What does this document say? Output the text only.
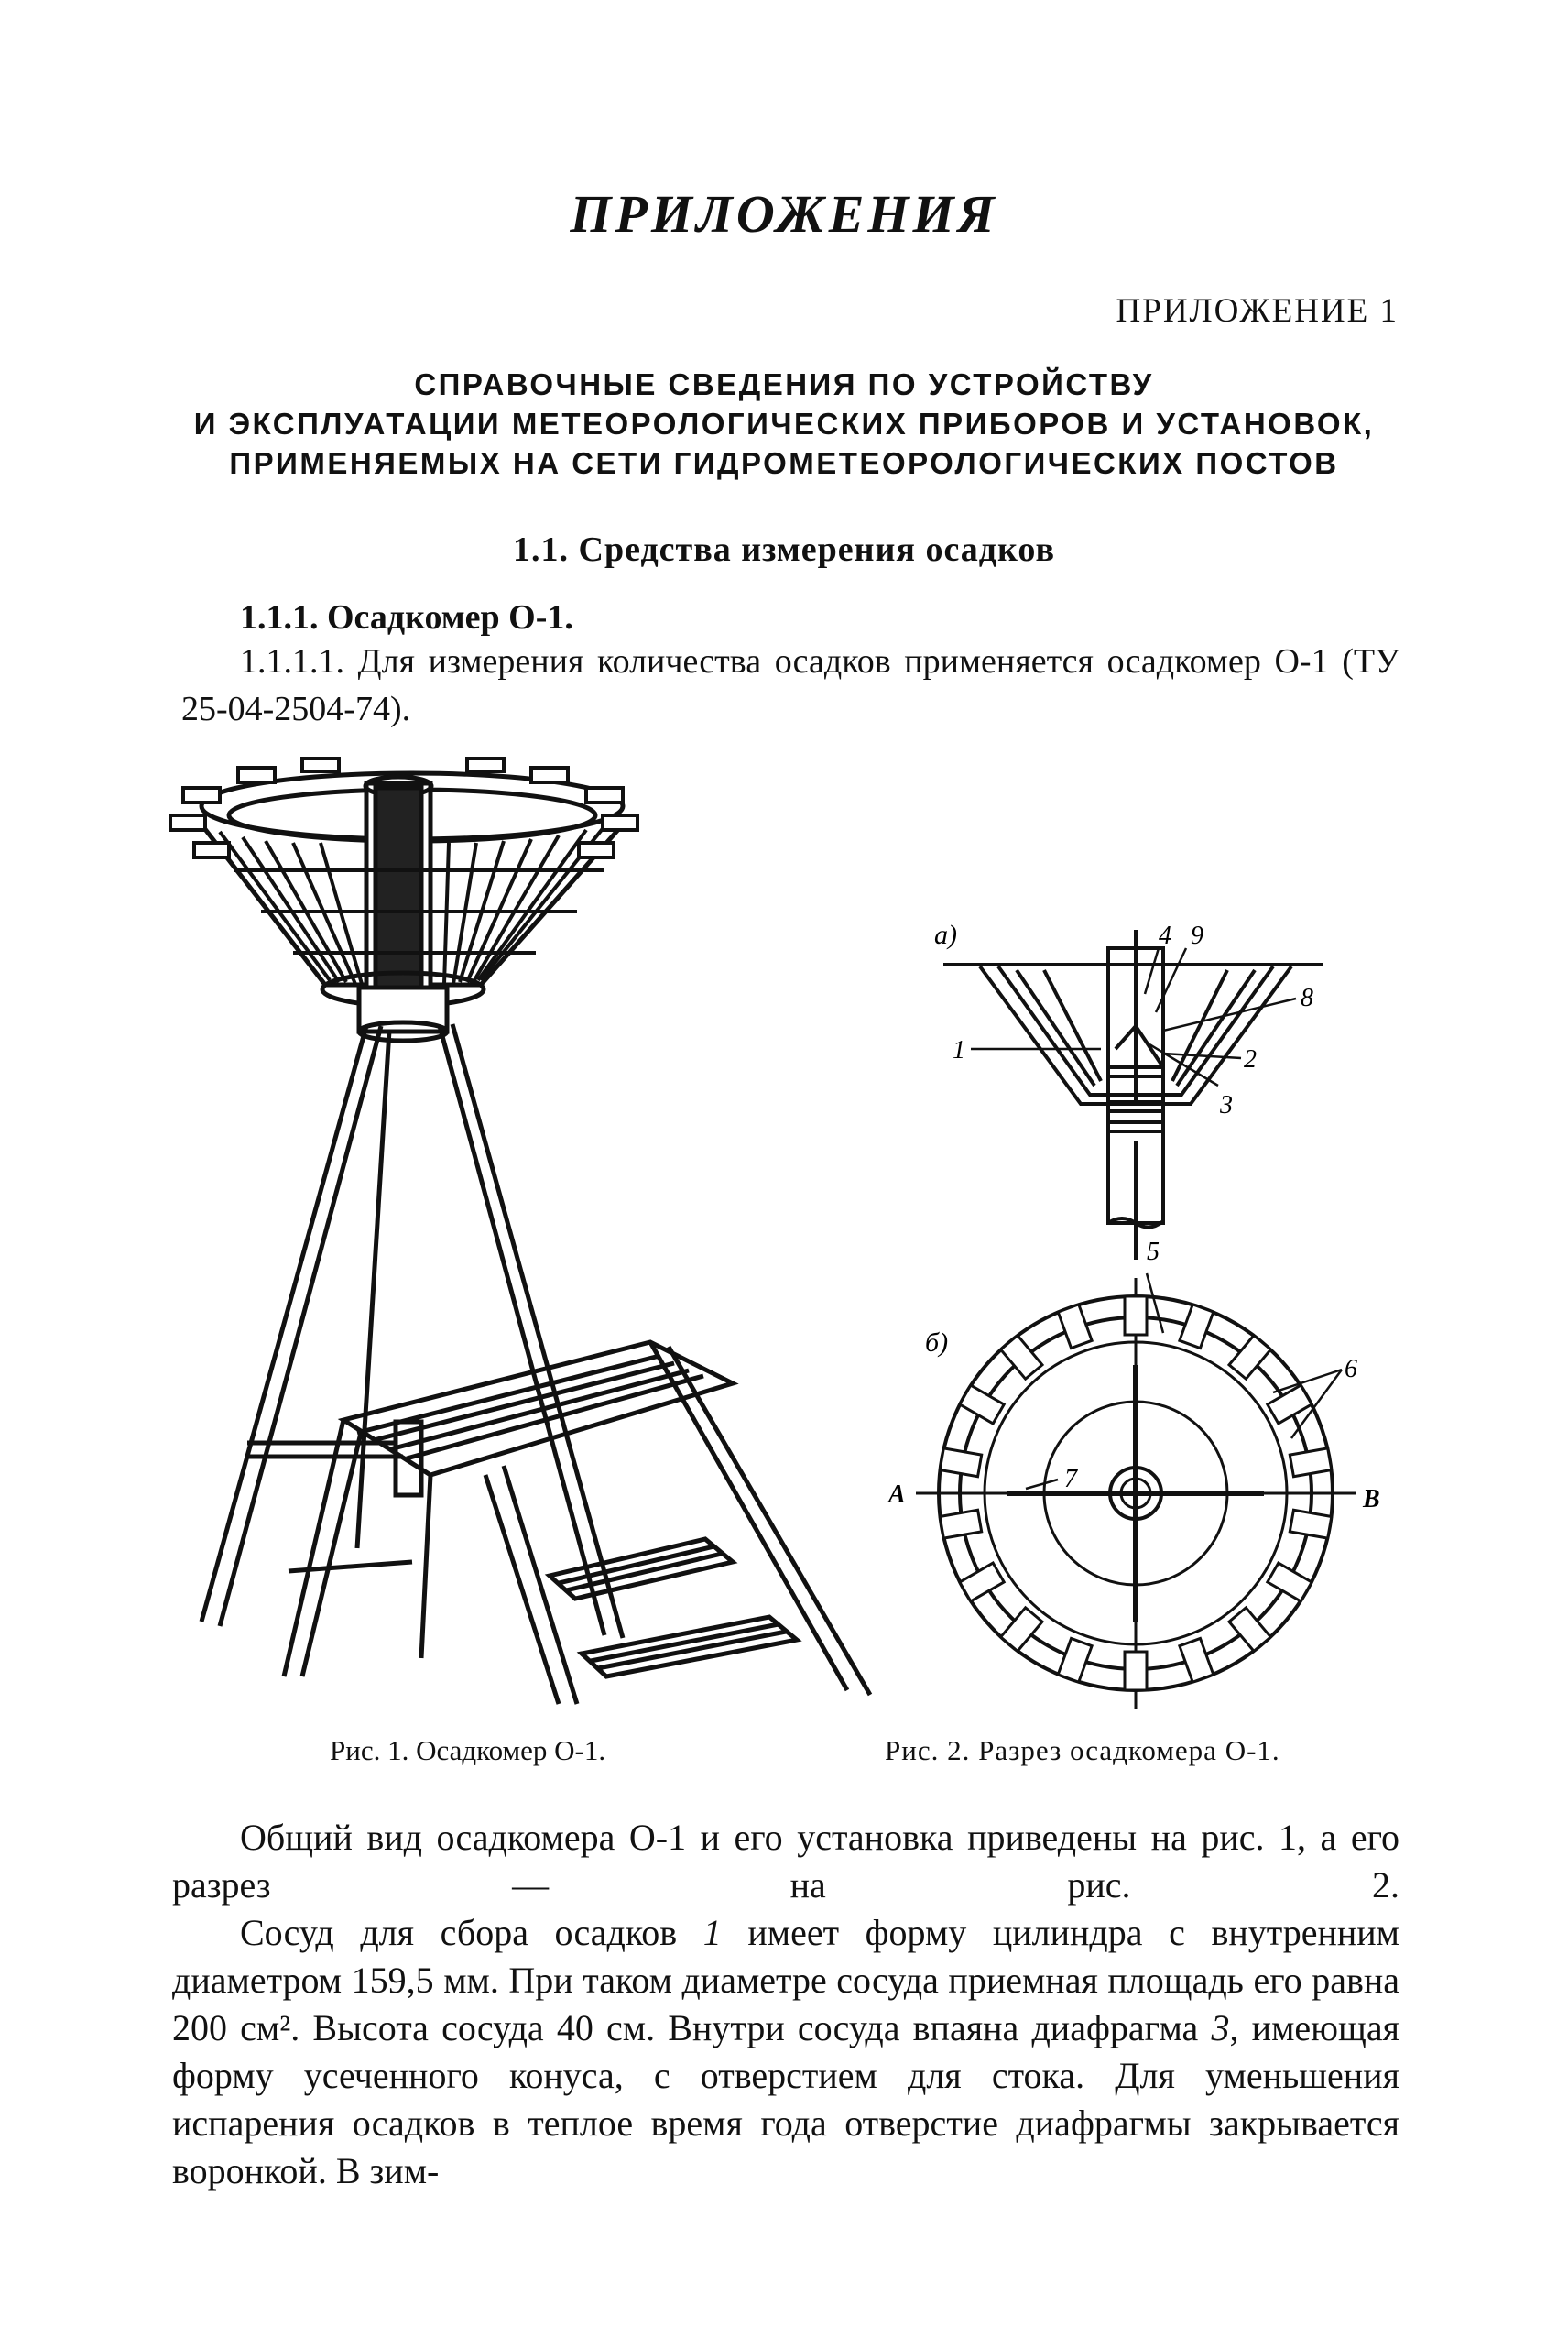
ПРИЛОЖЕНИЯ
ПРИЛОЖЕНИЕ 1
СПРАВОЧНЫЕ СВЕДЕНИЯ ПО УСТРОЙСТВУ
И ЭКСПЛУАТАЦИИ МЕТЕОРОЛОГИЧЕСКИХ ПРИБОРОВ И УСТАНОВОК,
ПРИМЕНЯЕМЫХ НА СЕТИ ГИДРОМЕТЕОРОЛОГИЧЕСКИХ ПОСТОВ
1.1. Средства измерения осадков
1.1.1. Осадкомер О-1.
1.1.1.1. Для измерения количества осадков применяется осадкомер О-1 (ТУ 25-04-2504-74).
а)	4 9
8
1	2
3
б)
5
6
7
А	В
Рис. 1. Осадкомер О-1.	Рис. 2. Разрез осадкомера О-1.

Общий вид осадкомера О-1 и его установка приведены на рис. 1, а его разрез — на рис. 2.

Сосуд для сбора осадков 1 имеет форму цилиндра с внутренним диаметром 159,5 мм. При таком диаметре сосуда приемная площадь его равна 200 см². Высота сосуда 40 см. Внутри сосуда впаяна диафрагма 3, имеющая форму усеченного конуса, с отверстием для стока. Для уменьшения испарения осадков в теплое время года отверстие диафрагмы закрывается воронкой. В зим-
